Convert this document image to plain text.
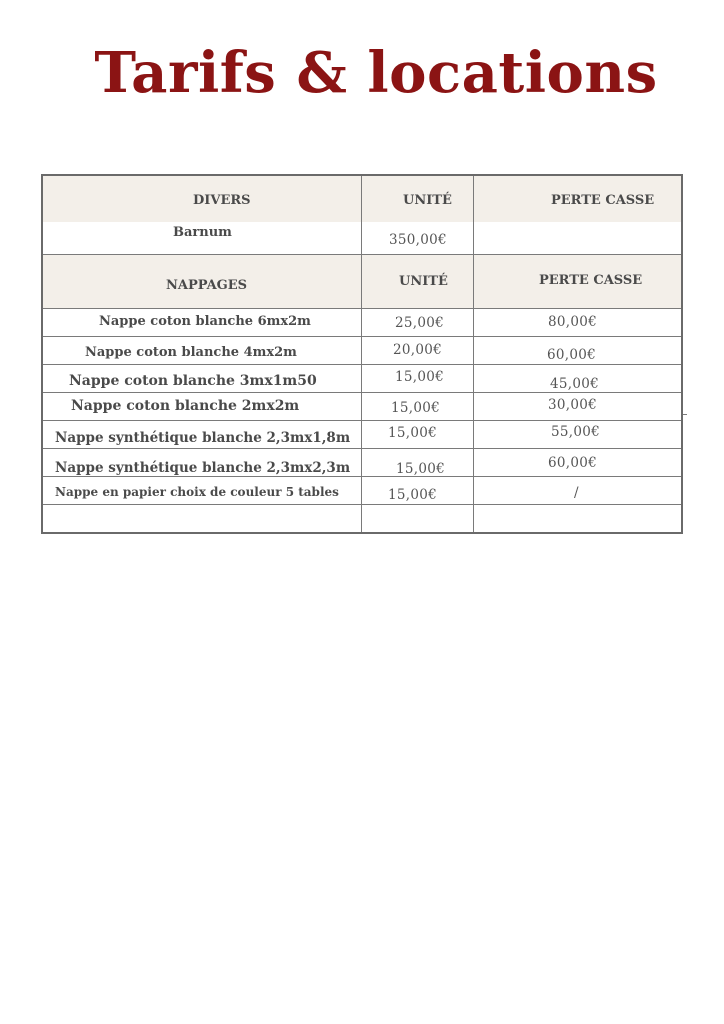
Tarifs & locations
DIVERS	UNITÉ	PERTE CASSE
Barnum	350,00€
NAPPAGES	UNITÉ	PERTE CASSE
Nappe coton blanche 6mx2m	25,00€	80,00€
Nappe coton blanche 4mx2m	20,00€	60,00€
Nappe coton blanche 3mx1m50	15,00€	45,00€
Nappe coton blanche 2mx2m	15,00€	30,00€
Nappe synthétique blanche 2,3mx1,8m	15,00€	55,00€
Nappe synthétique blanche 2,3mx2,3m	15,00€	60,00€
Nappe en papier choix de couleur 5 tables	15,00€	/
